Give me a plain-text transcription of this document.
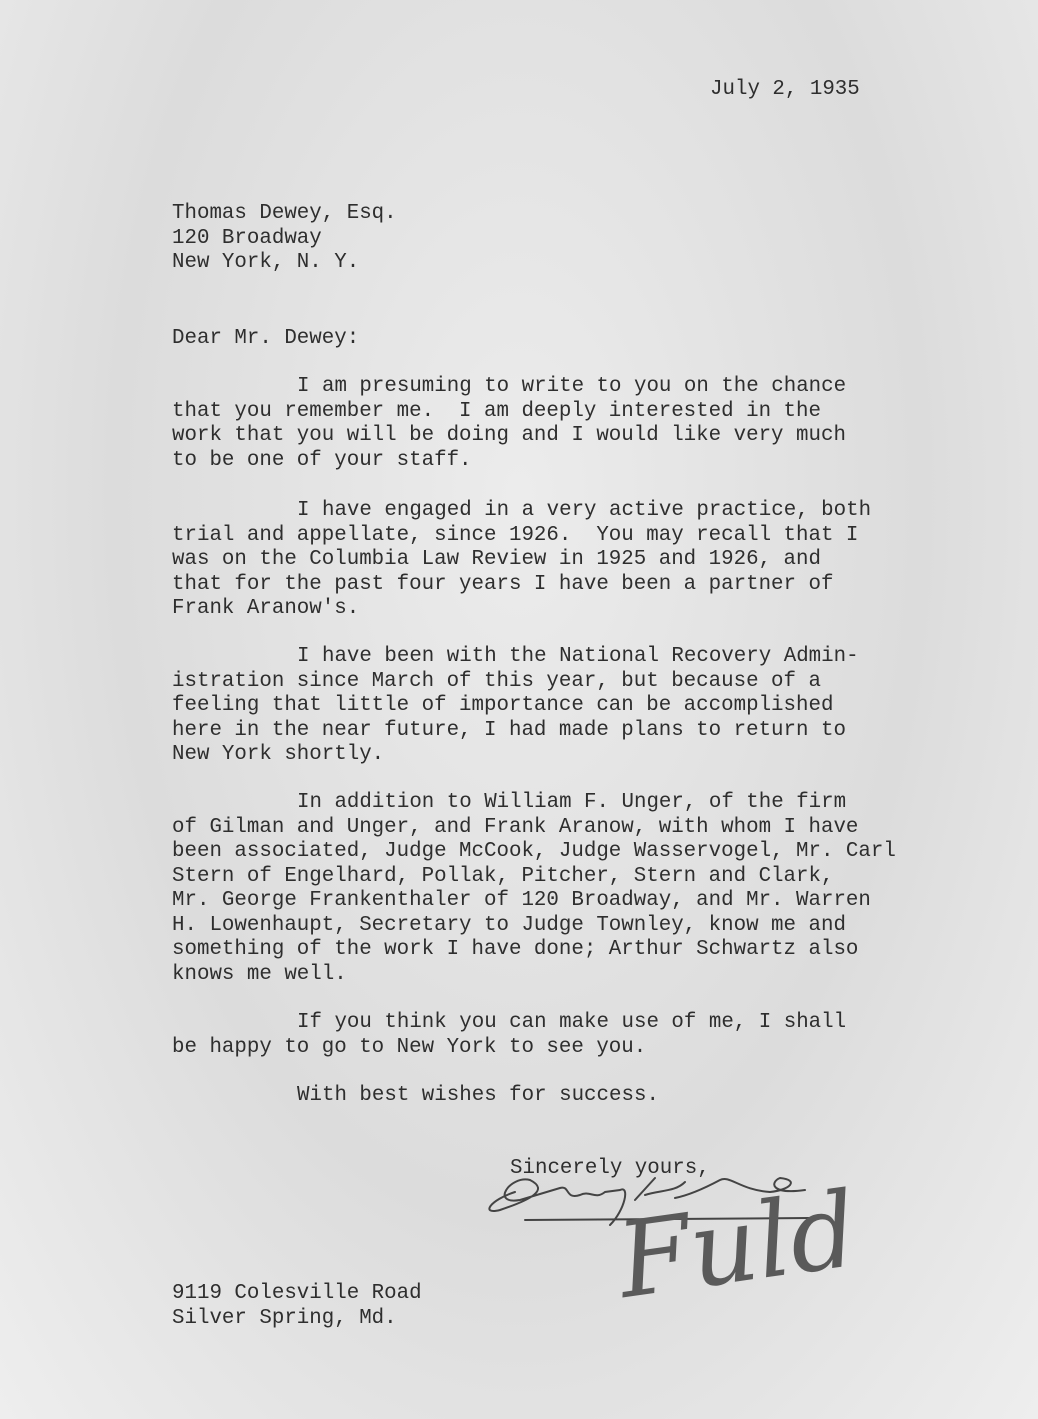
July 2, 1935
Thomas Dewey, Esq.
120 Broadway
New York, N. Y.
Dear Mr. Dewey:
I am presuming to write to you on the chance
that you remember me.  I am deeply interested in the
work that you will be doing and I would like very much
to be one of your staff.
I have engaged in a very active practice, both
trial and appellate, since 1926.  You may recall that I
was on the Columbia Law Review in 1925 and 1926, and
that for the past four years I have been a partner of
Frank Aranow's.
I have been with the National Recovery Admin-
istration since March of this year, but because of a
feeling that little of importance can be accomplished
here in the near future, I had made plans to return to
New York shortly.
In addition to William F. Unger, of the firm
of Gilman and Unger, and Frank Aranow, with whom I have
been associated, Judge McCook, Judge Wasservogel, Mr. Carl
Stern of Engelhard, Pollak, Pitcher, Stern and Clark,
Mr. George Frankenthaler of 120 Broadway, and Mr. Warren
H. Lowenhaupt, Secretary to Judge Townley, know me and
something of the work I have done; Arthur Schwartz also
knows me well.
If you think you can make use of me, I shall
be happy to go to New York to see you.
With best wishes for success.
Sincerely yours,
Fuld
9119 Colesville Road
Silver Spring, Md.
